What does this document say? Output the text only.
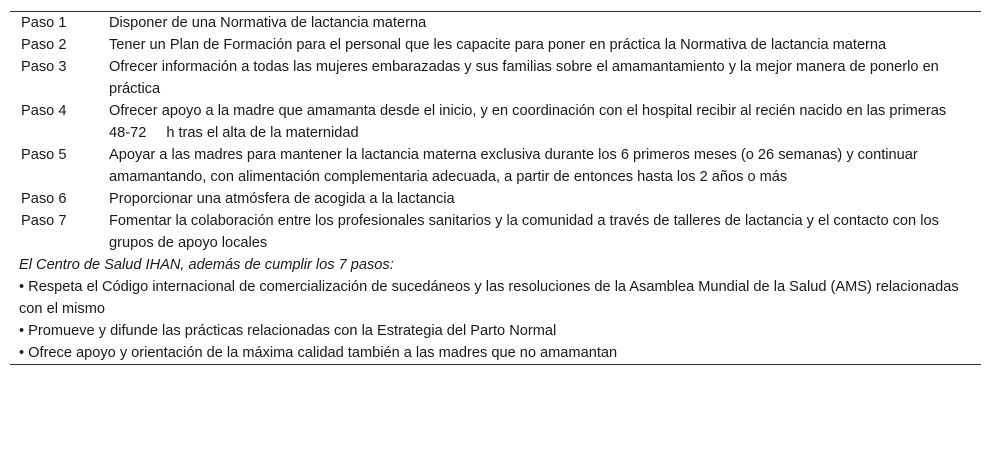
Paso 1	Disponer de una Normativa de lactancia materna
Paso 2	Tener un Plan de Formación para el personal que les capacite para poner en práctica la Normativa de lactancia materna
Paso 3	Ofrecer información a todas las mujeres embarazadas y sus familias sobre el amamantamiento y la mejor manera de ponerlo en práctica
Paso 4	Ofrecer apoyo a la madre que amamanta desde el inicio, y en coordinación con el hospital recibir al recién nacido en las primeras 48-72 h tras el alta de la maternidad
Paso 5	Apoyar a las madres para mantener la lactancia materna exclusiva durante los 6 primeros meses (o 26 semanas) y continuar amamantando, con alimentación complementaria adecuada, a partir de entonces hasta los 2 años o más
Paso 6	Proporcionar una atmósfera de acogida a la lactancia
Paso 7	Fomentar la colaboración entre los profesionales sanitarios y la comunidad a través de talleres de lactancia y el contacto con los grupos de apoyo locales
El Centro de Salud IHAN, además de cumplir los 7 pasos:	
• Respeta el Código internacional de comercialización de sucedáneos y las resoluciones de la Asamblea Mundial de la Salud (AMS) relacionadas con el mismo	
• Promueve y difunde las prácticas relacionadas con la Estrategia del Parto Normal	
• Ofrece apoyo y orientación de la máxima calidad también a las madres que no amamantan	
